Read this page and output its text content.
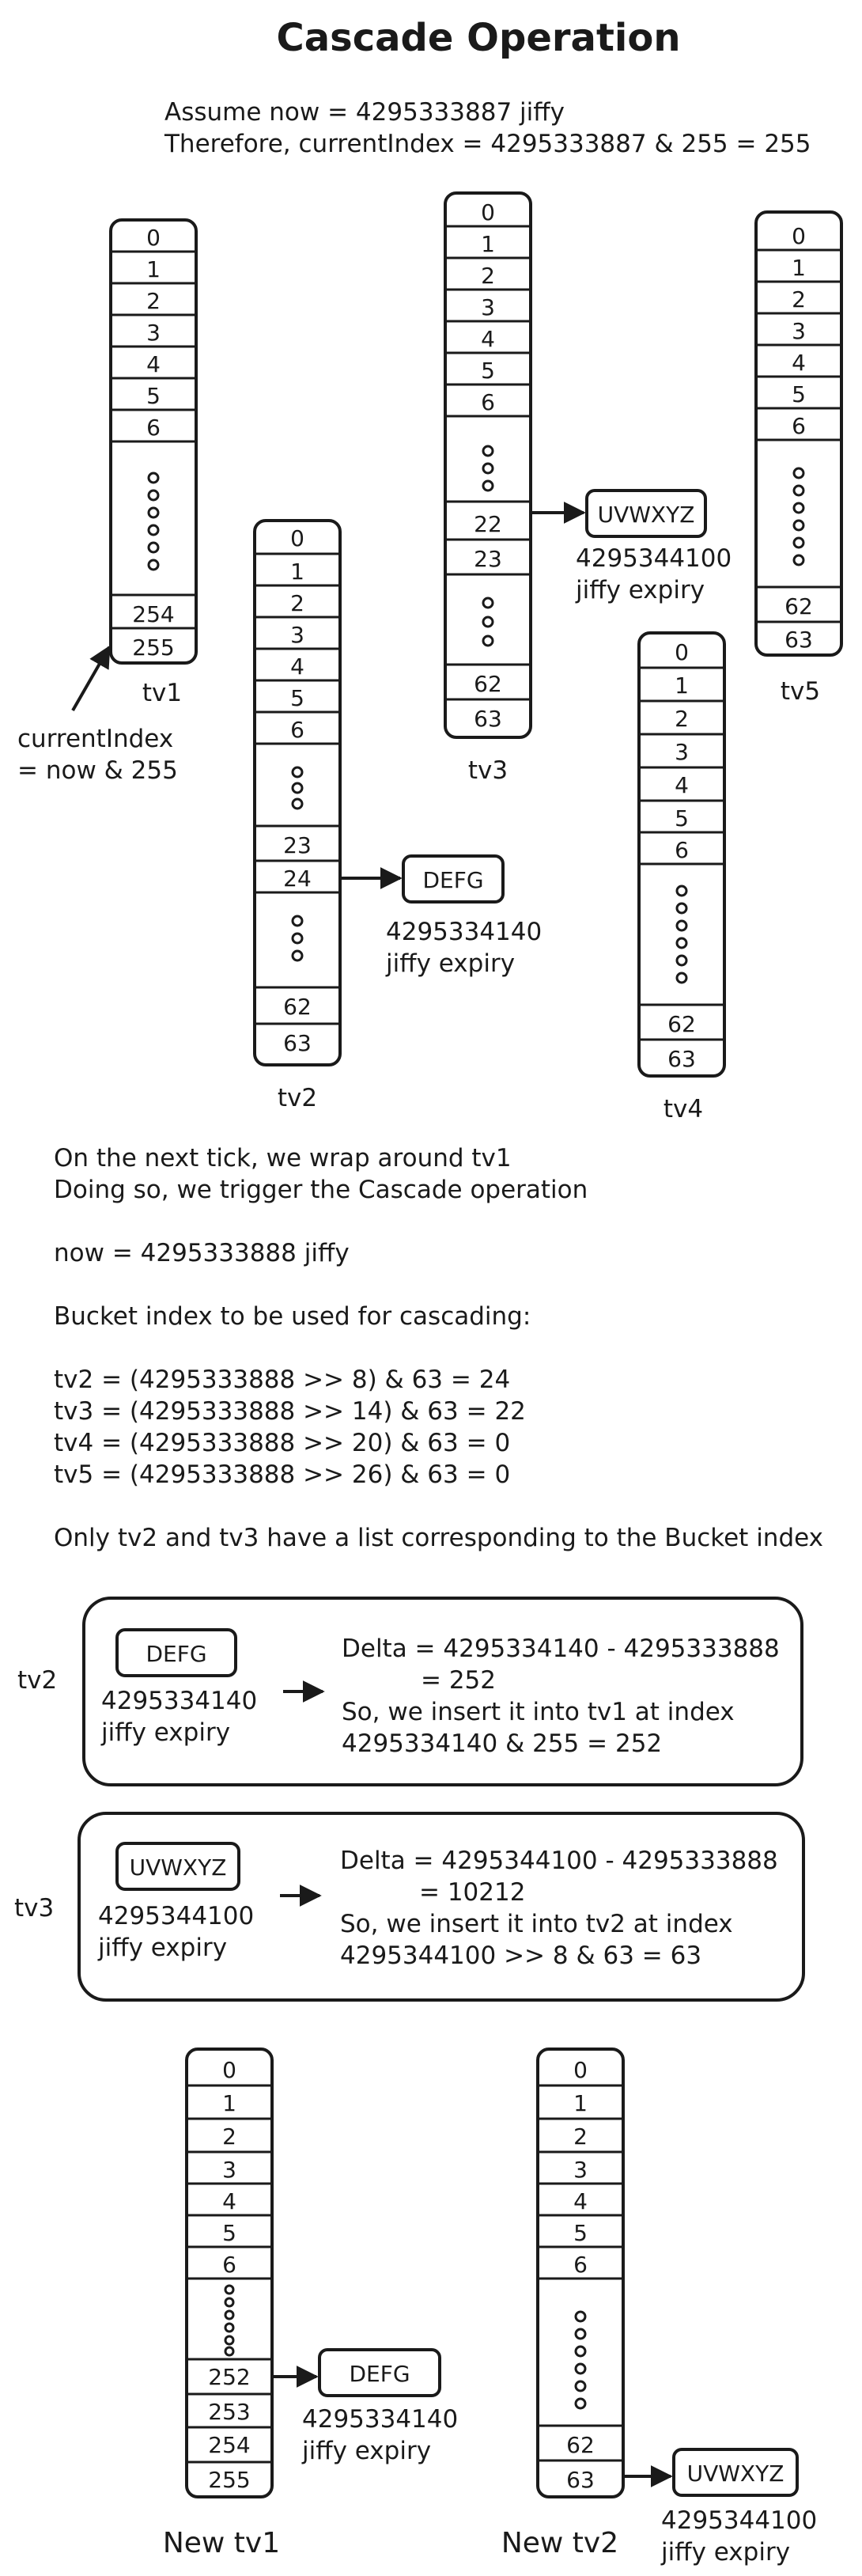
Cascade Operation
Assume now = 4295333887 jiffy
Therefore, currentIndex = 4295333887 & 255 = 255
0
1
2
3
4
5
6
254
255
tv1
currentIndex
= now & 255
0
1
2
3
4
5
6
23
24
62
63
tv2
DEFG
4295334140
jiffy expiry
0
1
2
3
4
5
6
22
23
62
63
tv3
UVWXYZ
4295344100
jiffy expiry
0
1
2
3
4
5
6
62
63
tv5
0
1
2
3
4
5
6
62
63
tv4
On the next tick, we wrap around tv1
Doing so, we trigger the Cascade operation
now = 4295333888 jiffy
Bucket index to be used for cascading:
tv2 = (4295333888 >> 8) & 63 = 24
tv3 = (4295333888 >> 14) & 63 = 22
tv4 = (4295333888 >> 20) & 63 = 0
tv5 = (4295333888 >> 26) & 63 = 0
Only tv2 and tv3 have a list corresponding to the Bucket index
tv2
DEFG
4295334140
jiffy expiry
Delta = 4295334140 - 4295333888
= 252
So, we insert it into tv1 at index
4295334140 & 255 = 252
tv3
UVWXYZ
4295344100
jiffy expiry
Delta = 4295344100 - 4295333888
= 10212
So, we insert it into tv2 at index
4295344100 >> 8 & 63 = 63
0
1
2
3
4
5
6
252
253
254
255
New tv1
DEFG
4295334140
jiffy expiry
0
1
2
3
4
5
6
62
63
New tv2
UVWXYZ
4295344100
jiffy expiry
